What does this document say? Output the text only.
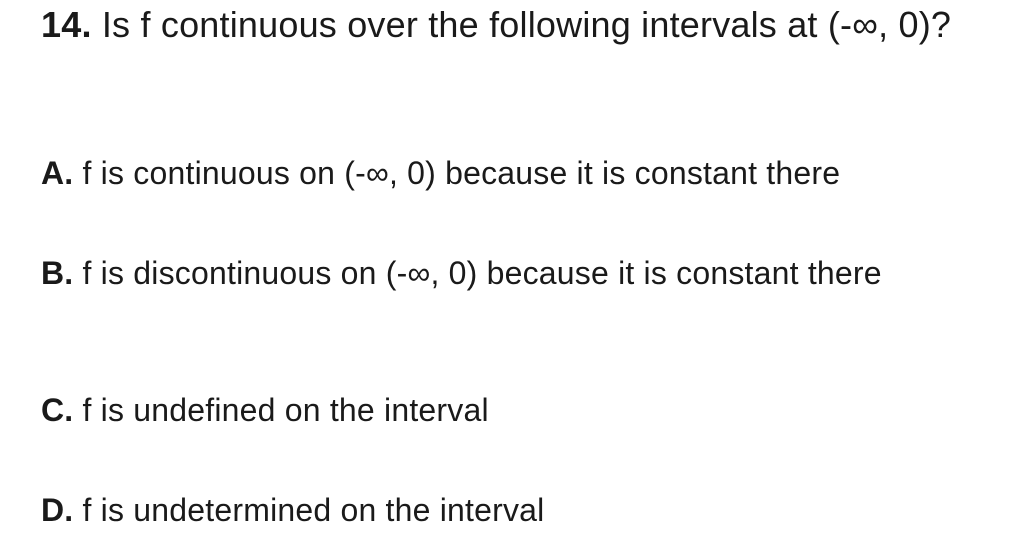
14. Is f continuous over the following intervals at (-∞, 0)?
A. f is continuous on (-∞, 0) because it is constant there
B. f is discontinuous on (-∞, 0) because it is constant there
C. f is undefined on the interval
D. f is undetermined on the interval
